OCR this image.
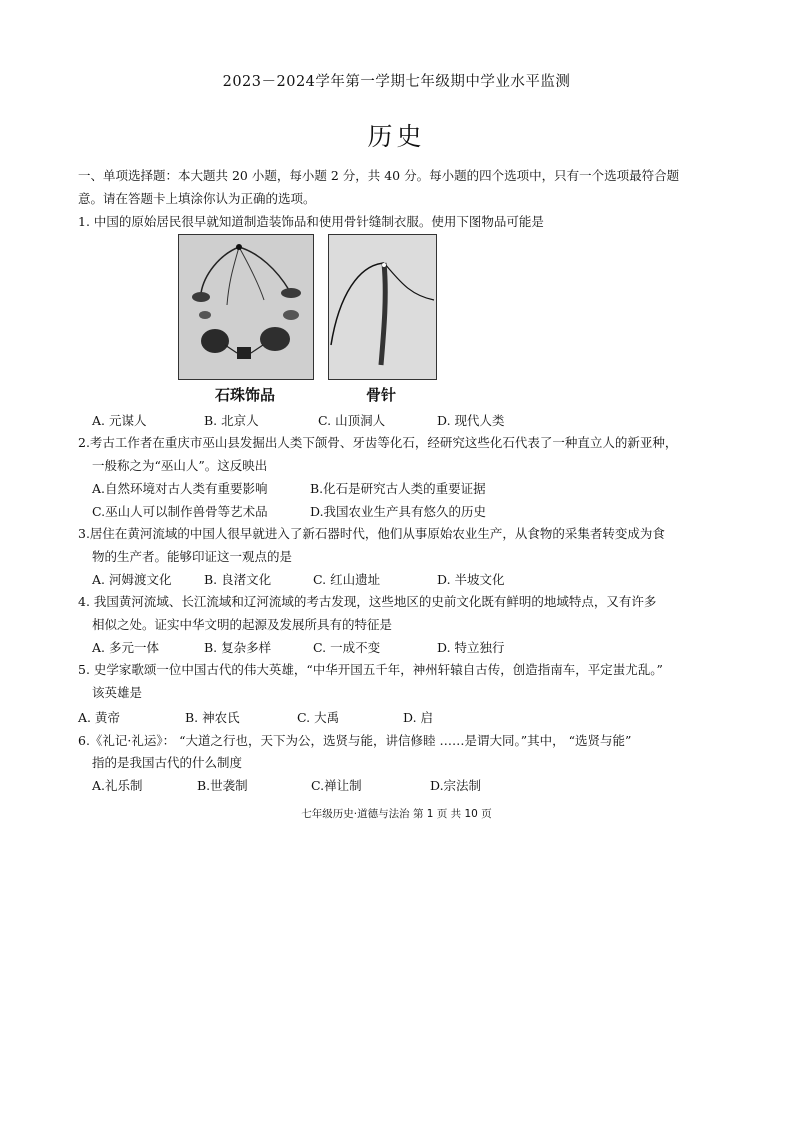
2023－2024学年第一学期七年级期中学业水平监测
历史
一、单项选择题：本大题共 20 小题，每小题 2 分，共 40 分。每小题的四个选项中，只有一个选项最符合题
意。请在答题卡上填涂你认为正确的选项。
1. 中国的原始居民很早就知道制造装饰品和使用骨针缝制衣服。使用下图物品可能是
石珠饰品	骨针
A. 元谋人	B. 北京人	C. 山顶洞人	D. 现代人类
2.考古工作者在重庆市巫山县发掘出人类下颌骨、牙齿等化石，经研究这些化石代表了一种直立人的新亚种，
一般称之为“巫山人”。这反映出
A.自然环境对古人类有重要影响	B.化石是研究古人类的重要证据
C.巫山人可以制作兽骨等艺术品	D.我国农业生产具有悠久的历史
3.居住在黄河流域的中国人很早就进入了新石器时代，他们从事原始农业生产，从食物的采集者转变成为食
物的生产者。能够印证这一观点的是
A. 河姆渡文化	B. 良渚文化	C. 红山遗址	D. 半坡文化
4. 我国黄河流域、长江流域和辽河流域的考古发现，这些地区的史前文化既有鲜明的地域特点，又有许多
相似之处。证实中华文明的起源及发展所具有的特征是
A. 多元一体	B. 复杂多样	C. 一成不变	D. 特立独行
5. 史学家歌颂一位中国古代的伟大英雄，“中华开国五千年，神州轩辕自古传，创造指南车，平定蚩尤乱。”
该英雄是
A. 黄帝	B. 神农氏	C. 大禹	D. 启
6.《礼记·礼运》： “大道之行也，天下为公，选贤与能，讲信修睦 ……是谓大同。”其中， “选贤与能”
指的是我国古代的什么制度
A.礼乐制	B.世袭制	C.禅让制	D.宗法制
七年级历史·道德与法治 第 1 页 共 10 页
